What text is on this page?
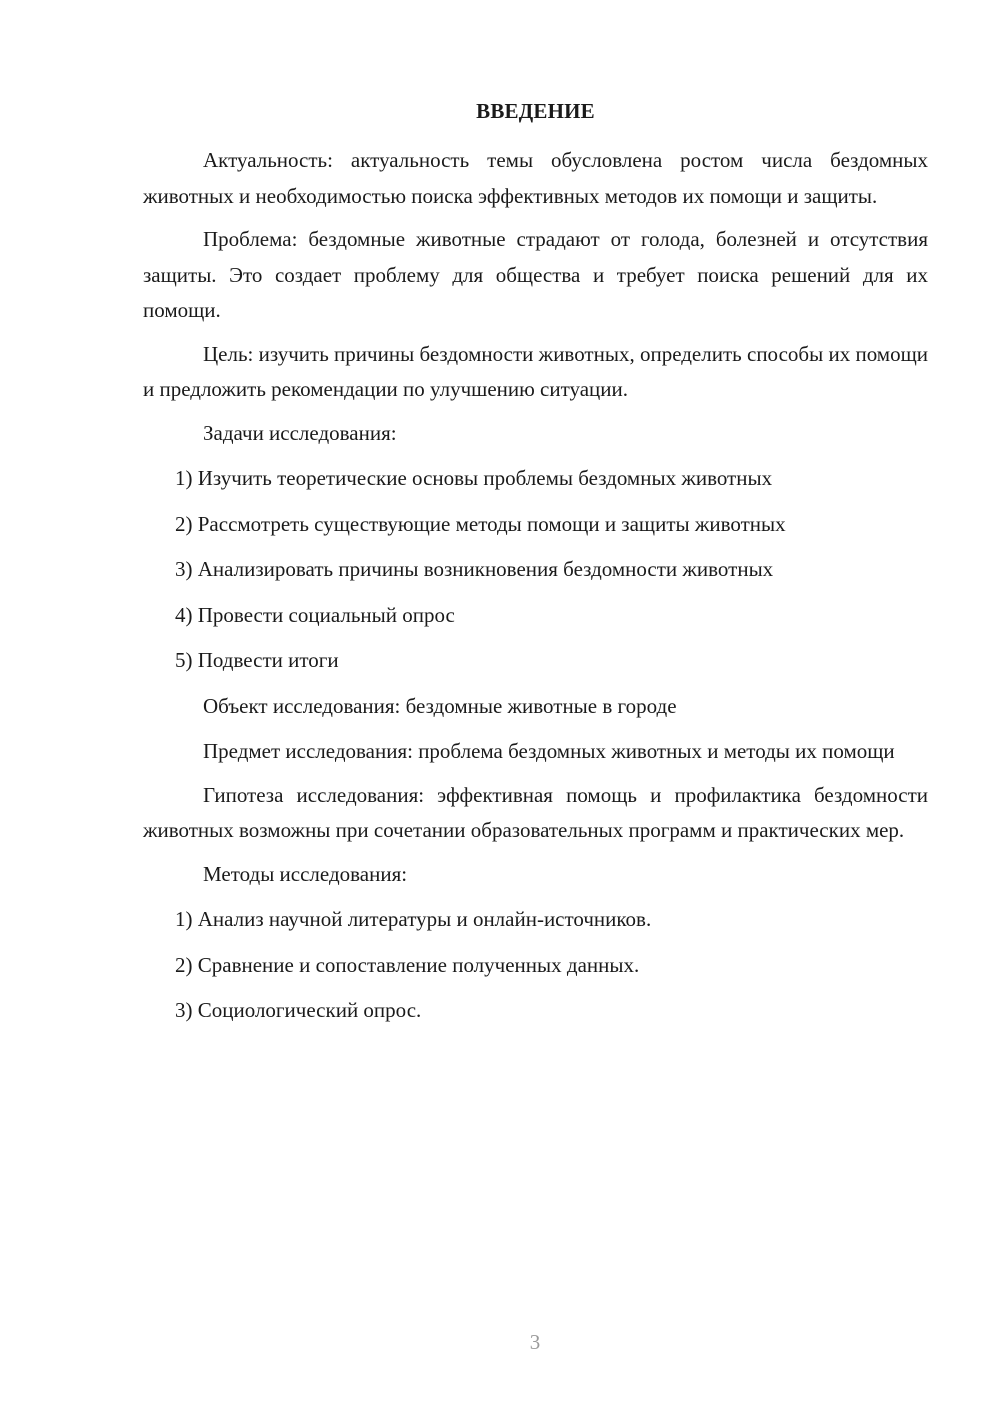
ВВЕДЕНИЕ

Актуальность: актуальность темы обусловлена ростом числа бездомных животных и необходимостью поиска эффективных методов их помощи и защиты.

Проблема: бездомные животные страдают от голода, болезней и отсутствия защиты. Это создает проблему для общества и требует поиска решений для их помощи.

Цель: изучить причины бездомности животных, определить способы их помощи и предложить рекомендации по улучшению ситуации.

Задачи исследования:

1) Изучить теоретические основы проблемы бездомных животных

2) Рассмотреть существующие методы помощи и защиты животных

3) Анализировать причины возникновения бездомности животных

4) Провести социальный опрос

5) Подвести итоги

Объект исследования: бездомные животные в городе

Предмет исследования: проблема бездомных животных и методы их помощи

Гипотеза исследования: эффективная помощь и профилактика бездомности животных возможны при сочетании образовательных программ и практических мер.

Методы исследования:

1) Анализ научной литературы и онлайн-источников.

2) Сравнение и сопоставление полученных данных.

3) Социологический опрос.

3
